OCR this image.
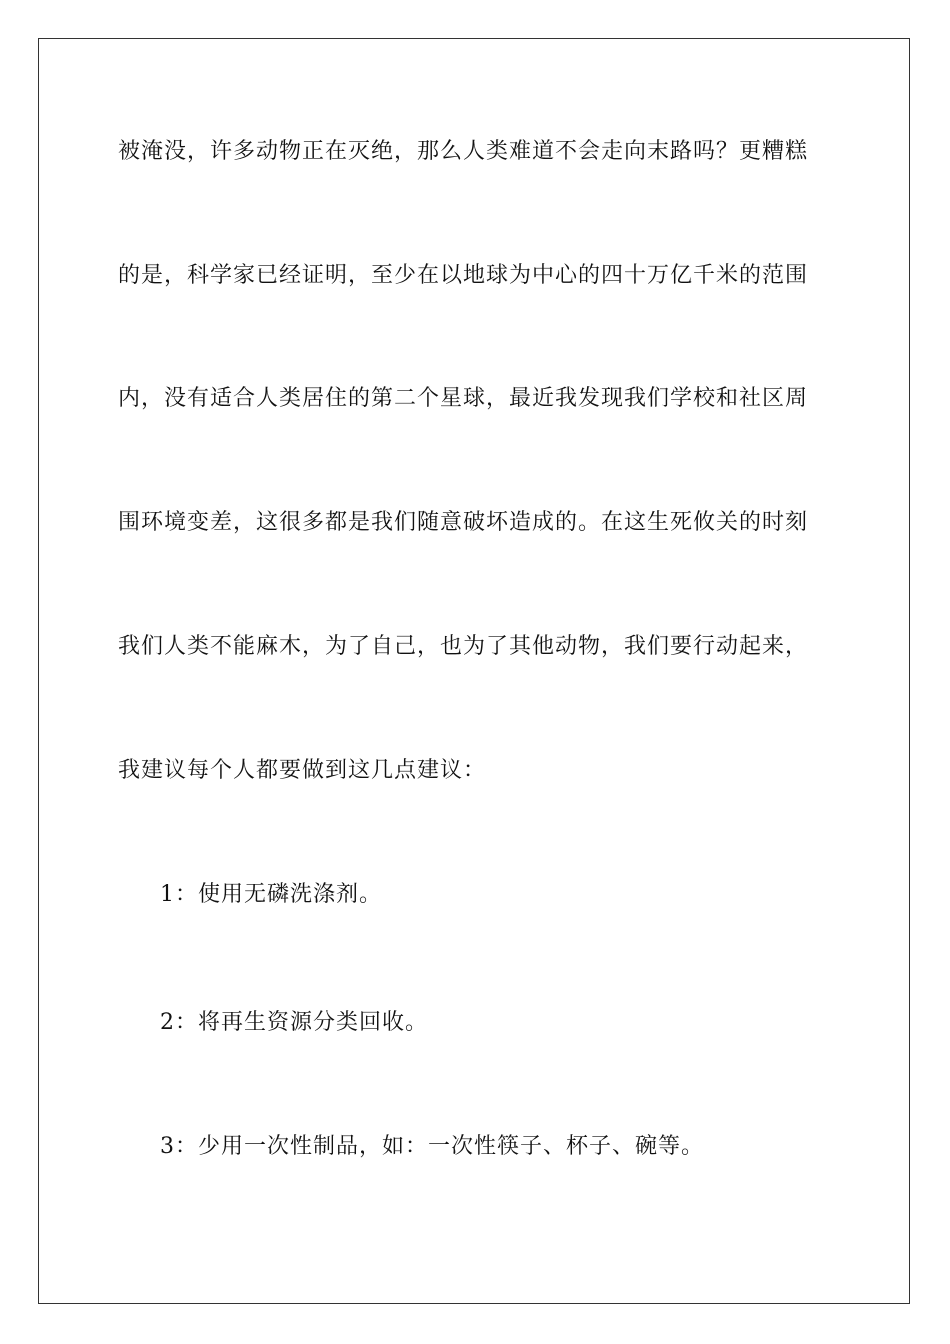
被淹没，许多动物正在灭绝，那么人类难道不会走向末路吗？更糟糕
的是，科学家已经证明，至少在以地球为中心的四十万亿千米的范围
内，没有适合人类居住的第二个星球，最近我发现我们学校和社区周
围环境变差，这很多都是我们随意破坏造成的。在这生死攸关的时刻
我们人类不能麻木，为了自己，也为了其他动物，我们要行动起来，
我建议每个人都要做到这几点建议：
1：使用无磷洗涤剂。
2：将再生资源分类回收。
3：少用一次性制品，如：一次性筷子、杯子、碗等。
